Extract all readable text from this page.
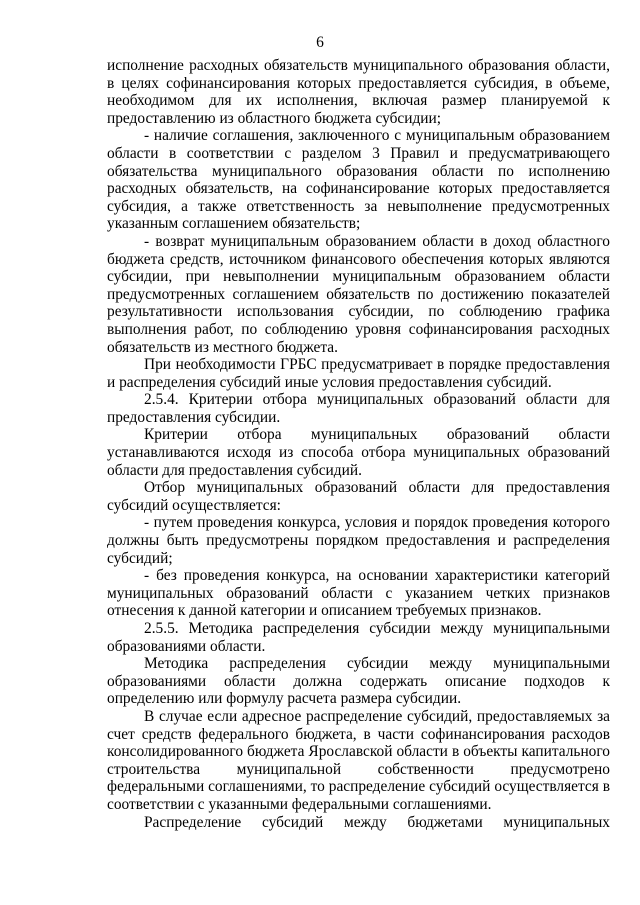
6

исполнение расходных обязательств муниципального образования области, в целях софинансирования которых предоставляется субсидия, в объеме, необходимом для их исполнения, включая размер планируемой к предоставлению из областного бюджета субсидии;

- наличие соглашения, заключенного с муниципальным образованием области в соответствии с разделом 3 Правил и предусматривающего обязательства муниципального образования области по исполнению расходных обязательств, на софинансирование которых предоставляется субсидия, а также ответственность за невыполнение предусмотренных указанным соглашением обязательств;

- возврат муниципальным образованием области в доход областного бюджета средств, источником финансового обеспечения которых являются субсидии, при невыполнении муниципальным образованием области предусмотренных соглашением обязательств по достижению показателей результативности использования субсидии, по соблюдению графика выполнения работ, по соблюдению уровня софинансирования расходных обязательств из местного бюджета.

При необходимости ГРБС предусматривает в порядке предоставления и распределения субсидий иные условия предоставления субсидий.

2.5.4. Критерии отбора муниципальных образований области для предоставления субсидии.

Критерии отбора муниципальных образований области устанавливаются исходя из способа отбора муниципальных образований области для предоставления субсидий.

Отбор муниципальных образований области для предоставления субсидий осуществляется:

- путем проведения конкурса, условия и порядок проведения которого должны быть предусмотрены порядком предоставления и распределения субсидий;

- без проведения конкурса, на основании характеристики категорий муниципальных образований области с указанием четких признаков отнесения к данной категории и описанием требуемых признаков.

2.5.5. Методика распределения субсидии между муниципальными образованиями области.

Методика распределения субсидии между муниципальными образованиями области должна содержать описание подходов к определению или формулу расчета размера субсидии.

В случае если адресное распределение субсидий, предоставляемых за счет средств федерального бюджета, в части софинансирования расходов консолидированного бюджета Ярославской области в объекты капитального строительства муниципальной собственности предусмотрено федеральными соглашениями, то распределение субсидий осуществляется в соответствии с указанными федеральными соглашениями.

Распределение субсидий между бюджетами муниципальных
